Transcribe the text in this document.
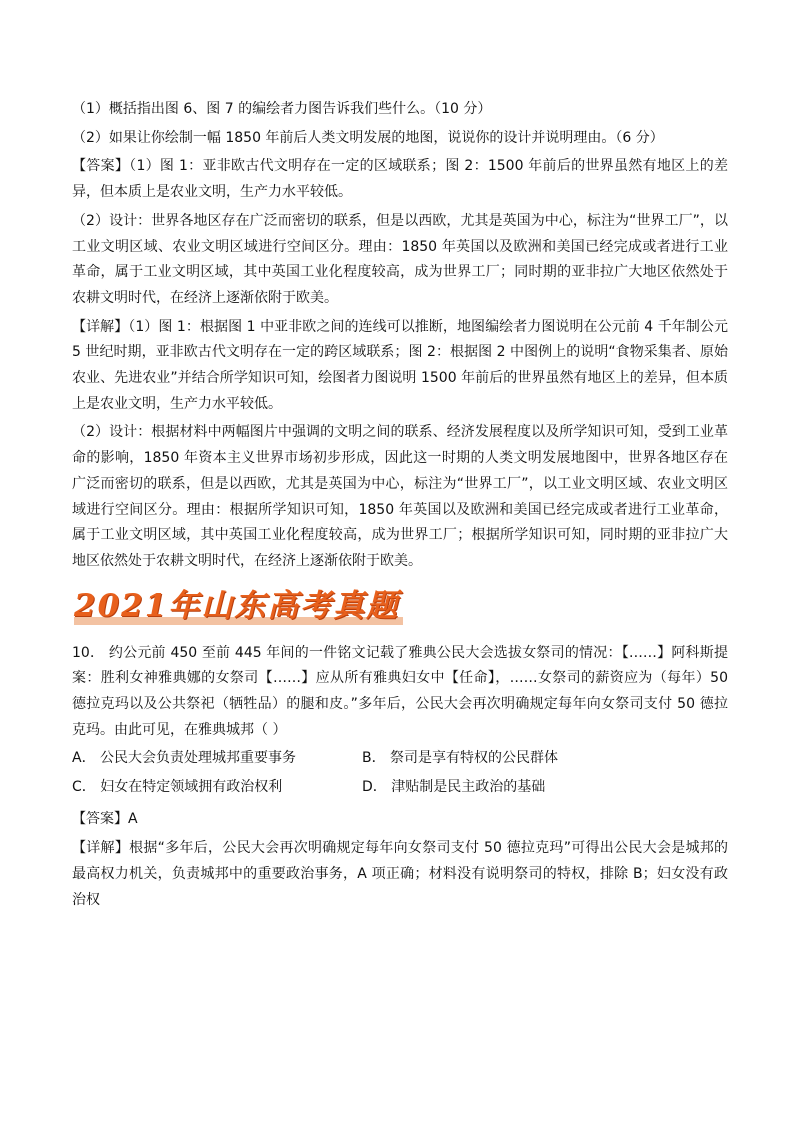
（1）概括指出图 6、图 7 的编绘者力图告诉我们些什么。（10 分）

（2）如果让你绘制一幅 1850 年前后人类文明发展的地图，说说你的设计并说明理由。（6 分）

【答案】（1）图 1：亚非欧古代文明存在一定的区域联系；图 2：1500 年前后的世界虽然有地区上的差异，但本质上是农业文明，生产力水平较低。

（2）设计：世界各地区存在广泛而密切的联系，但是以西欧，尤其是英国为中心，标注为“世界工厂”，以工业文明区域、农业文明区域进行空间区分。理由：1850 年英国以及欧洲和美国已经完成或者进行工业革命，属于工业文明区域，其中英国工业化程度较高，成为世界工厂；同时期的亚非拉广大地区依然处于农耕文明时代，在经济上逐渐依附于欧美。

【详解】（1）图 1：根据图 1 中亚非欧之间的连线可以推断，地图编绘者力图说明在公元前 4 千年制公元 5 世纪时期，亚非欧古代文明存在一定的跨区域联系；图 2：根据图 2 中图例上的说明“食物采集者、原始农业、先进农业”并结合所学知识可知，绘图者力图说明 1500 年前后的世界虽然有地区上的差异，但本质上是农业文明，生产力水平较低。

（2）设计：根据材料中两幅图片中强调的文明之间的联系、经济发展程度以及所学知识可知，受到工业革命的影响，1850 年资本主义世界市场初步形成，因此这一时期的人类文明发展地图中，世界各地区存在广泛而密切的联系，但是以西欧，尤其是英国为中心，标注为“世界工厂”，以工业文明区域、农业文明区域进行空间区分。理由：根据所学知识可知，1850 年英国以及欧洲和美国已经完成或者进行工业革命，属于工业文明区域，其中英国工业化程度较高，成为世界工厂；根据所学知识可知，同时期的亚非拉广大地区依然处于农耕文明时代，在经济上逐渐依附于欧美。

2021年山东高考真题

10． 约公元前 450 至前 445 年间的一件铭文记载了雅典公民大会选拔女祭司的情况：【……】阿科斯提案：胜利女神雅典娜的女祭司【……】应从所有雅典妇女中【任命】，……女祭司的薪资应为（每年）50 德拉克玛以及公共祭祀（牺牲品）的腿和皮。”多年后，公民大会再次明确规定每年向女祭司支付 50 德拉克玛。由此可见，在雅典城邦（ ）

A． 公民大会负责处理城邦重要事务	B． 祭司是享有特权的公民群体
C． 妇女在特定领域拥有政治权利	D． 津贴制是民主政治的基础

【答案】A

【详解】根据“多年后，公民大会再次明确规定每年向女祭司支付 50 德拉克玛”可得出公民大会是城邦的最高权力机关，负责城邦中的重要政治事务，A 项正确；材料没有说明祭司的特权，排除 B；妇女没有政治权
